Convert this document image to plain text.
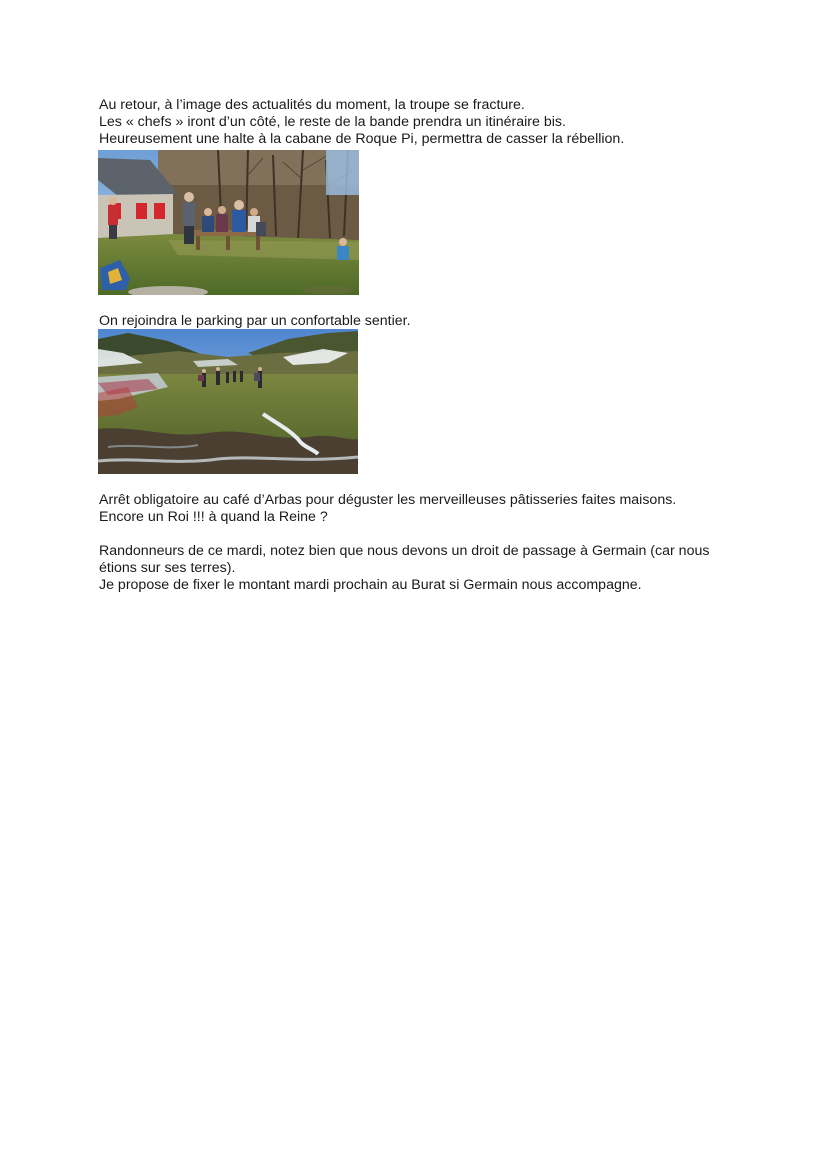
Au retour, à l’image des actualités du moment, la troupe se fracture.
Les « chefs » iront d’un côté, le reste de la bande prendra un itinéraire bis.
Heureusement une halte à la cabane de Roque Pi, permettra de casser la rébellion.

On rejoindra le parking par un confortable sentier.

Arrêt obligatoire au café d’Arbas pour déguster les merveilleuses pâtisseries faites maisons.
Encore un Roi !!! à quand la Reine ?

Randonneurs de ce mardi, notez bien que nous devons un droit de passage à Germain (car nous
étions sur ses terres).
Je propose de fixer le montant mardi prochain au Burat si Germain nous accompagne.
